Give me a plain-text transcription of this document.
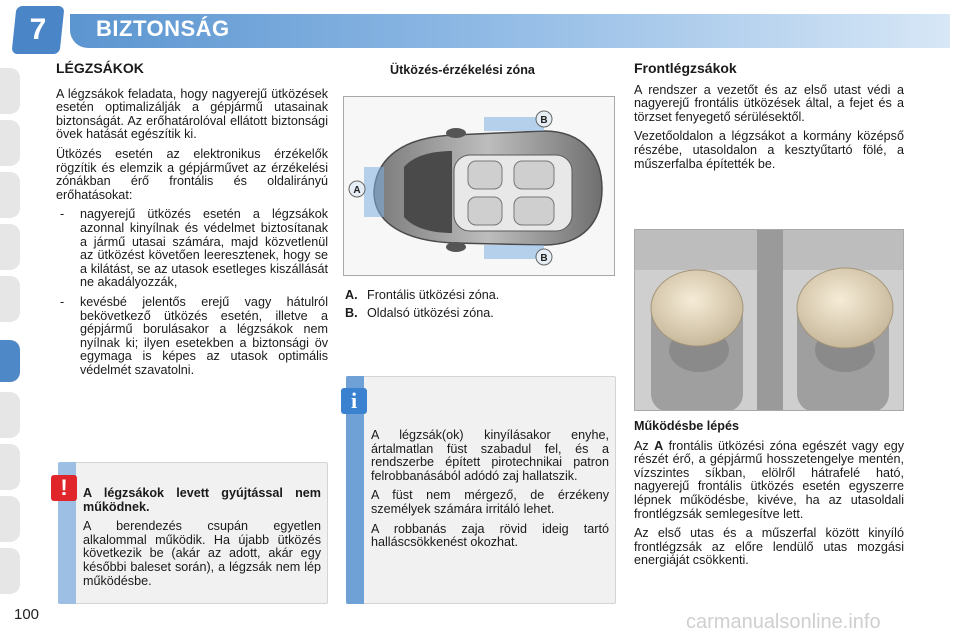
100
7	BIZTONSÁG
LÉGZSÁKOK

A légzsákok feladata, hogy nagyerejű ütközések esetén optimalizálják a gépjármű utasainak biztonságát. Az erőhatárolóval ellátott biztonsági övek hatását egészítik ki.

Ütközés esetén az elektronikus érzékelők rögzítik és elemzik a gépjárművet az érzékelési zónákban érő frontális és oldalirányú erőhatásokat:

- nagyerejű ütközés esetén a légzsákok azonnal kinyílnak és védelmet biztosítanak a jármű utasai számára, majd közvetlenül az ütközést követően leeresztenek, hogy se a kilátást, se az utasok esetleges kiszállását ne akadályozzák,
- kevésbé jelentős erejű vagy hátulról bekövetkező ütközés esetén, illetve a gépjármű borulásakor a légzsákok nem nyílnak ki; ilyen esetekben a biztonsági öv egymaga is képes az utasok optimális védelmét szavatolni.

A légzsákok levett gyújtással nem működnek.

A berendezés csupán egyetlen alkalommal működik. Ha újabb ütközés következik be (akár az adott, akár egy későbbi baleset során), a légzsák nem lép működésbe.

!
Ütközés-érzékelési zóna
A
B
B
A. Frontális ütközési zóna.
B. Oldalsó ütközési zóna.

A légzsák(ok) kinyílásakor enyhe, ártalmatlan füst szabadul fel, és a rendszerbe épített pirotechnikai patron felrobbanásából adódó zaj hallatszik.

A füst nem mérgező, de érzékeny személyek számára irritáló lehet.

A robbanás zaja rövid ideig tartó halláscsökkenést okozhat.

i
Frontlégzsákok

A rendszer a vezetőt és az első utast védi a nagyerejű frontális ütközések által, a fejet és a törzset fenyegető sérülésektől.

Vezetőoldalon a légzsákot a kormány középső részébe, utasoldalon a kesztyűtartó fölé, a műszerfalba építették be.

Működésbe lépés

Az A frontális ütközési zóna egészét vagy egy részét érő, a gépjármű hosszetengelye mentén, vízszintes síkban, elölről hátrafelé ható, nagyerejű frontális ütközés esetén egyszerre lépnek működésbe, kivéve, ha az utasoldali frontlégzsák semlegesítve lett.

Az első utas és a műszerfal között kinyíló frontlégzsák az előre lendülő utas mozgási energiáját csökkenti.

carmanualsonline.info
